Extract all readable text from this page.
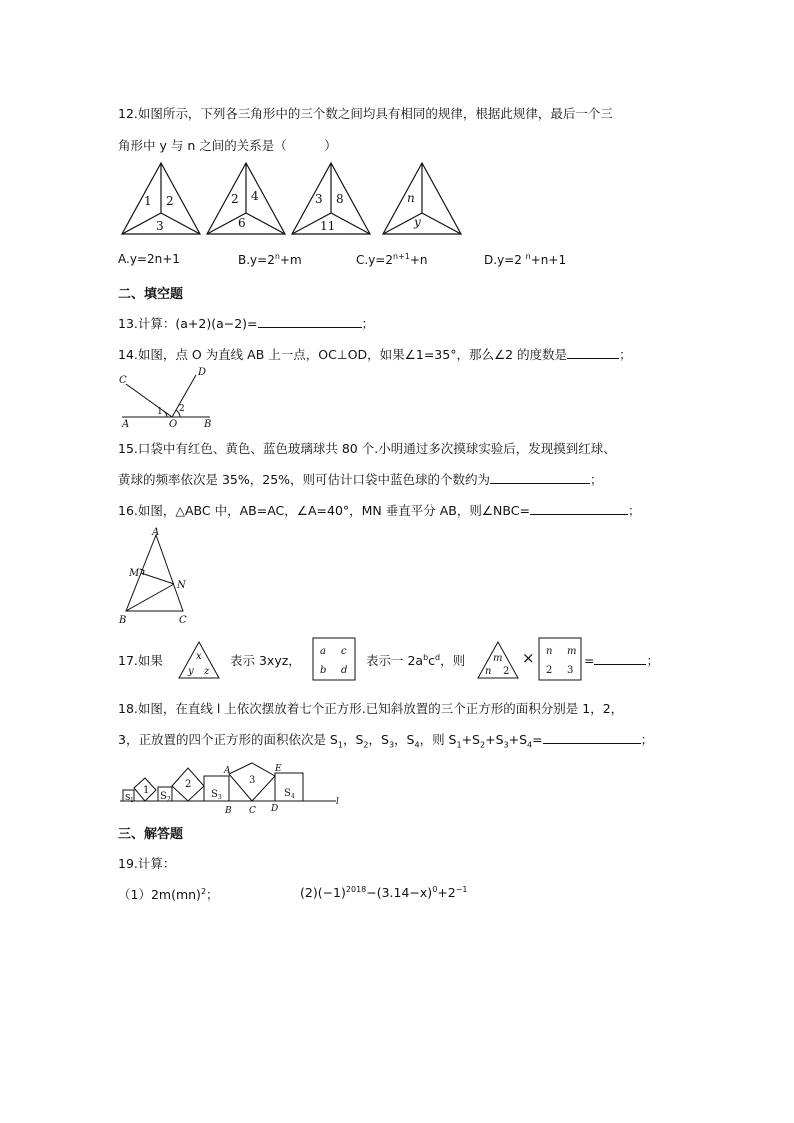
12.如图所示，下列各三角形中的三个数之间均具有相同的规律，根据此规律，最后一个三
角形中 y 与 n 之间的关系是（　　　）
1 2
3
2 4
6
3 8
11
n
y
A.y=2n+1	$B.y=2^n+m$	$C.y=2^{n+1}+n$	D.y=2 $^n$+n+1
二、填空题
13.计算：(a+2)(a−2)=	；
14.如图，点 O 为直线 AB 上一点，OC⊥OD，如果∠1=35°，那么∠2 的度数是	；
C
D
A	O	B
1 2
15.口袋中有红色、黄色、蓝色玻璃球共 80 个.小明通过多次摸球实验后，发现摸到红球、
黄球的频率依次是 35%，25%，则可估计口袋中蓝色球的个数约为	；
16.如图，△ABC 中，AB=AC，∠A=40°，MN 垂直平分 AB，则∠NBC=	；
A
M
N
B	C
17.如果	x
y z
表示 3xyz，
a c
b d
表示一 $2a^bc^d$，则	m
n 2
× n m
2 3
=	；
18.如图，在直线 l 上依次摆放着七个正方形.已知斜放置的三个正方形的面积分别是 1，2，
3，正放置的四个正方形的面积依次是 $S_1$，$S_2$，$S_3$，$S_4$，则 $S_1+S_2+S_3+S_4=$	；
S 1
1
S 2
2
S 3
3
S 4
A
B C D
E
l
三、解答题
19.计算：
（1）2m(mn)$^2$；	$(2)(-1)^{2018}-(3.14-x)^0+2^{-1}$
